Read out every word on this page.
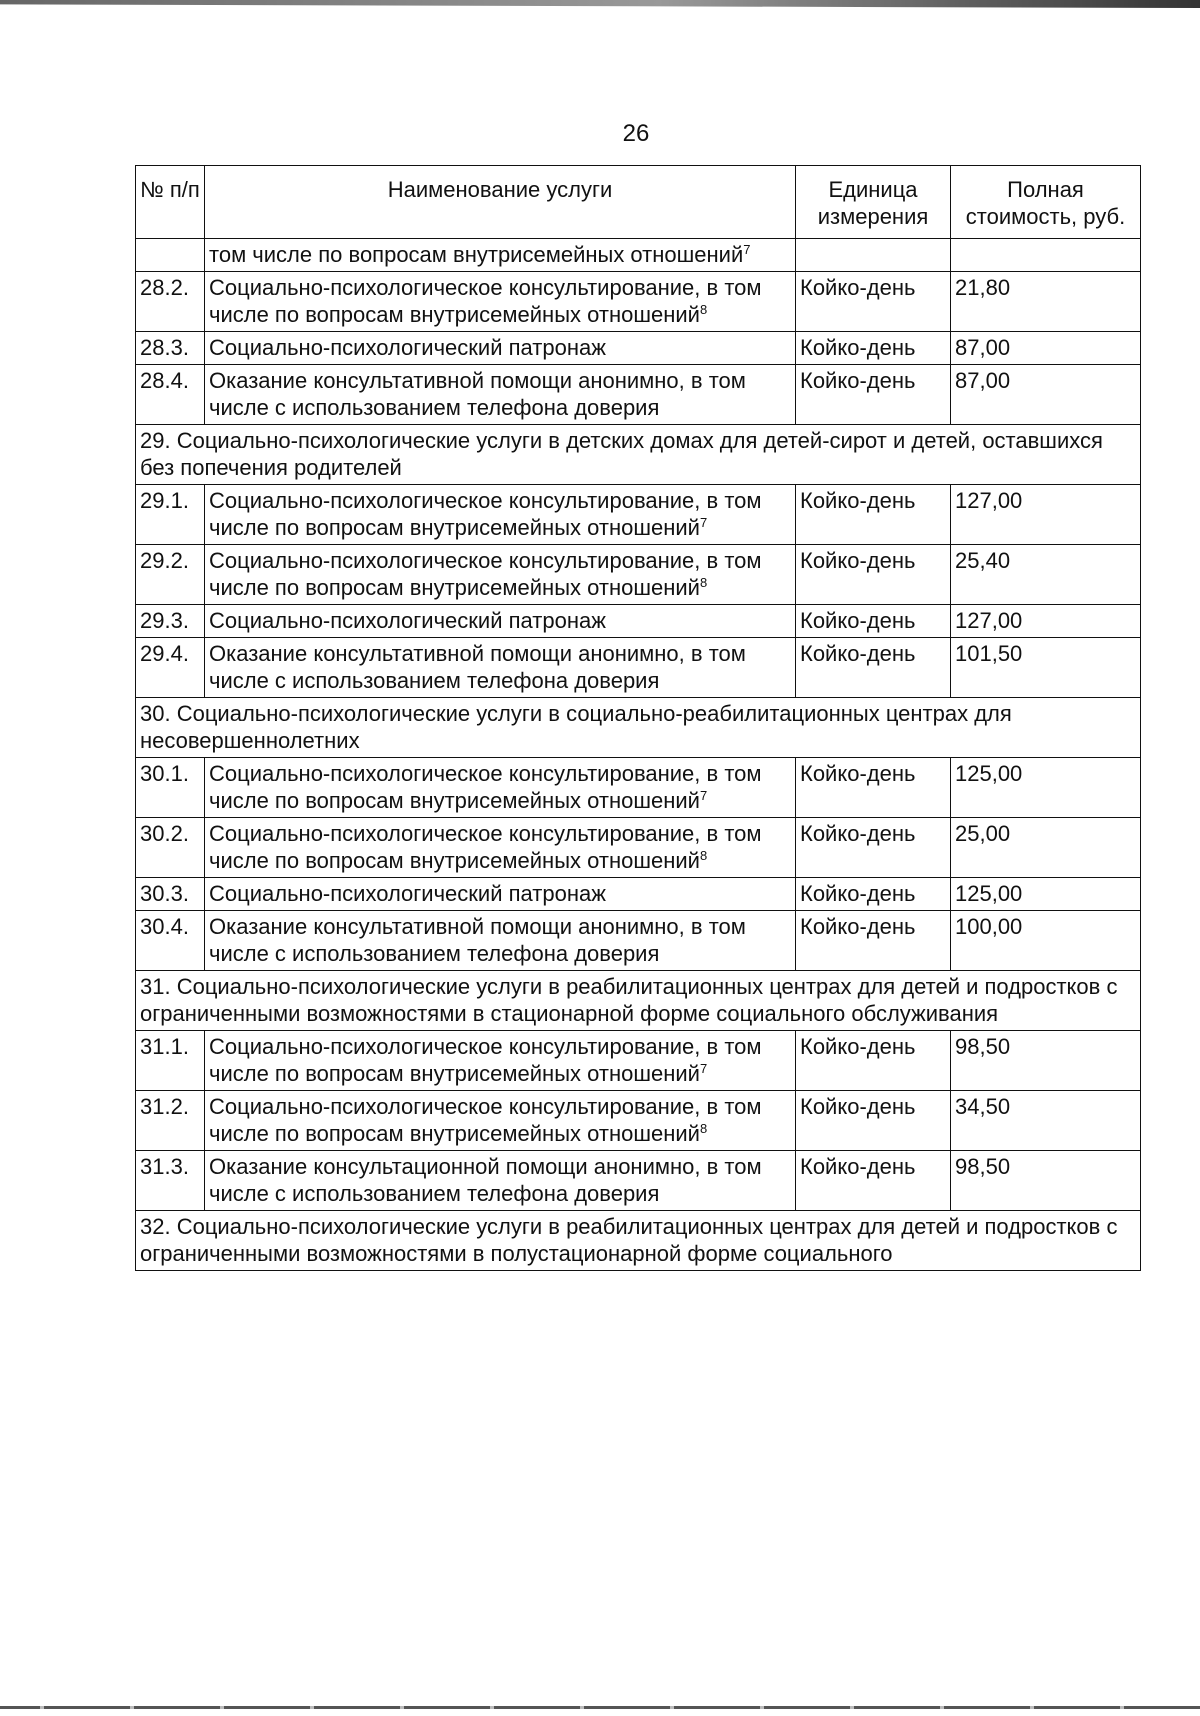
26
№ п/п	Наименование услуги	Единица измерения	Полная стоимость, руб.
	том числе по вопросам внутрисемейных отношений$^7$		
28.2.	Социально-психологическое консультирование, в том числе по вопросам внутрисемейных отношений$^8$	Койко-день	21,80
28.3.	Социально-психологический патронаж	Койко-день	87,00
28.4.	Оказание консультативной помощи анонимно, в том числе с использованием телефона доверия	Койко-день	87,00
29. Социально-психологические услуги в детских домах для детей-сирот и детей, оставшихся без попечения родителей			
29.1.	Социально-психологическое консультирование, в том числе по вопросам внутрисемейных отношений$^7$	Койко-день	127,00
29.2.	Социально-психологическое консультирование, в том числе по вопросам внутрисемейных отношений$^8$	Койко-день	25,40
29.3.	Социально-психологический патронаж	Койко-день	127,00
29.4.	Оказание консультативной помощи анонимно, в том числе с использованием телефона доверия	Койко-день	101,50
30. Социально-психологические услуги в социально-реабилитационных центрах для несовершеннолетних			
30.1.	Социально-психологическое консультирование, в том числе по вопросам внутрисемейных отношений$^7$	Койко-день	125,00
30.2.	Социально-психологическое консультирование, в том числе по вопросам внутрисемейных отношений$^8$	Койко-день	25,00
30.3.	Социально-психологический патронаж	Койко-день	125,00
30.4.	Оказание консультативной помощи анонимно, в том числе с использованием телефона доверия	Койко-день	100,00
31. Социально-психологические услуги в реабилитационных центрах для детей и подростков с ограниченными возможностями в стационарной форме социального обслуживания			
31.1.	Социально-психологическое консультирование, в том числе по вопросам внутрисемейных отношений$^7$	Койко-день	98,50
31.2.	Социально-психологическое консультирование, в том числе по вопросам внутрисемейных отношений$^8$	Койко-день	34,50
31.3.	Оказание консультационной помощи анонимно, в том числе с использованием телефона доверия	Койко-день	98,50
32. Социально-психологические услуги в реабилитационных центрах для детей и подростков с ограниченными возможностями в полустационарной форме социального			
